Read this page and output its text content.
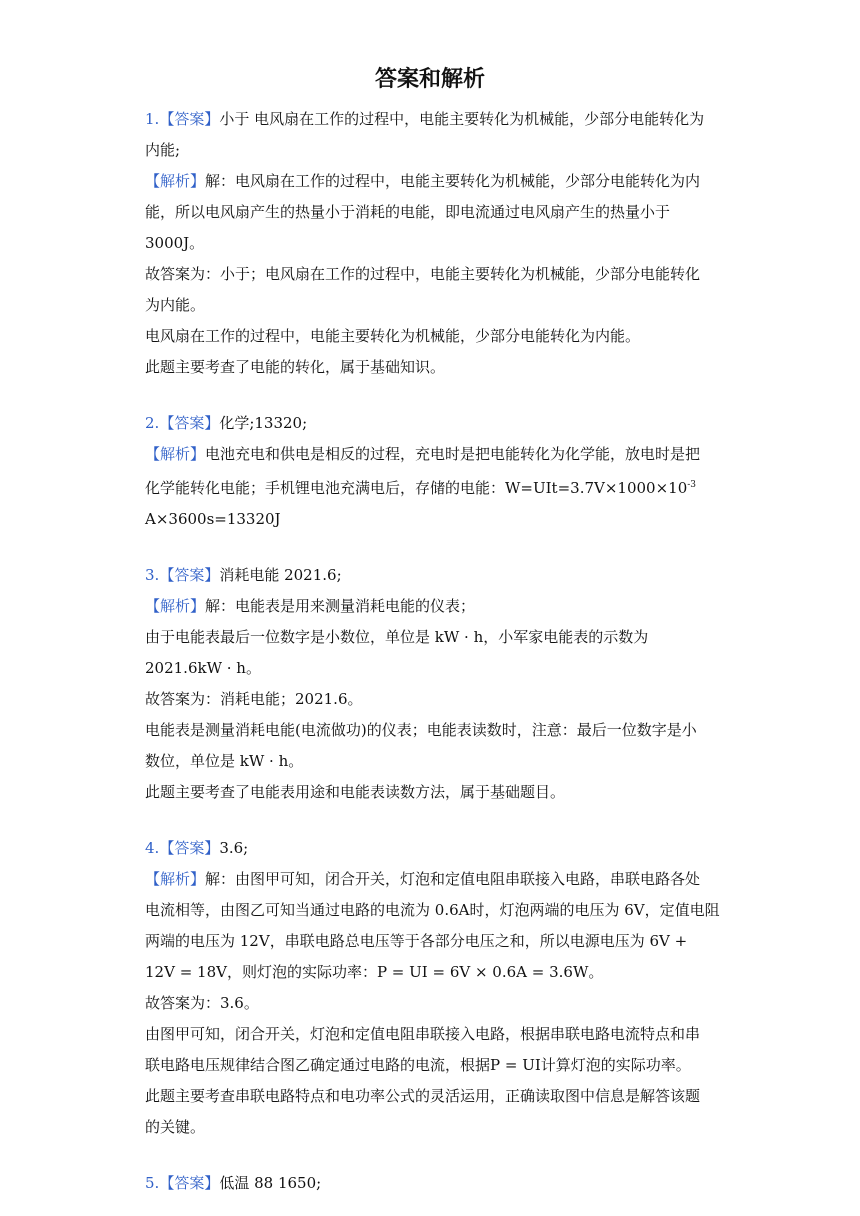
答案和解析
1.【答案】小于 电风扇在工作的过程中，电能主要转化为机械能，少部分电能转化为
内能;
【解析】解：电风扇在工作的过程中，电能主要转化为机械能，少部分电能转化为内
能，所以电风扇产生的热量小于消耗的电能，即电流通过电风扇产生的热量小于
3000J。
故答案为：小于；电风扇在工作的过程中，电能主要转化为机械能，少部分电能转化
为内能。
电风扇在工作的过程中，电能主要转化为机械能，少部分电能转化为内能。
此题主要考查了电能的转化，属于基础知识。
2.【答案】化学;13320;
【解析】电池充电和供电是相反的过程，充电时是把电能转化为化学能，放电时是把
化学能转化电能；手机锂电池充满电后，存储的电能：$W=UIt=3.7V\times 1000\times 10^{-3}$
A×3600s=13320J
3.【答案】消耗电能 2021.6;
【解析】解：电能表是用来测量消耗电能的仪表；
由于电能表最后一位数字是小数位，单位是 kW · h，小军家电能表的示数为
2021.6kW · h。
故答案为：消耗电能；2021.6。
电能表是测量消耗电能(电流做功)的仪表；电能表读数时，注意：最后一位数字是小
数位，单位是 kW · h。
此题主要考查了电能表用途和电能表读数方法，属于基础题目。
4.【答案】3.6;
【解析】解：由图甲可知，闭合开关，灯泡和定值电阻串联接入电路，串联电路各处
电流相等，由图乙可知当通过电路的电流为 0.6A时，灯泡两端的电压为 6V，定值电阻
两端的电压为 12V，串联电路总电压等于各部分电压之和，所以电源电压为 6V +
12V = 18V，则灯泡的实际功率：P = UI = 6V × 0.6A = 3.6W。
故答案为：3.6。
由图甲可知，闭合开关，灯泡和定值电阻串联接入电路，根据串联电路电流特点和串
联电路电压规律结合图乙确定通过电路的电流，根据P = UI计算灯泡的实际功率。
此题主要考查串联电路特点和电功率公式的灵活运用，正确读取图中信息是解答该题
的关键。
5.【答案】低温 88 1650;
